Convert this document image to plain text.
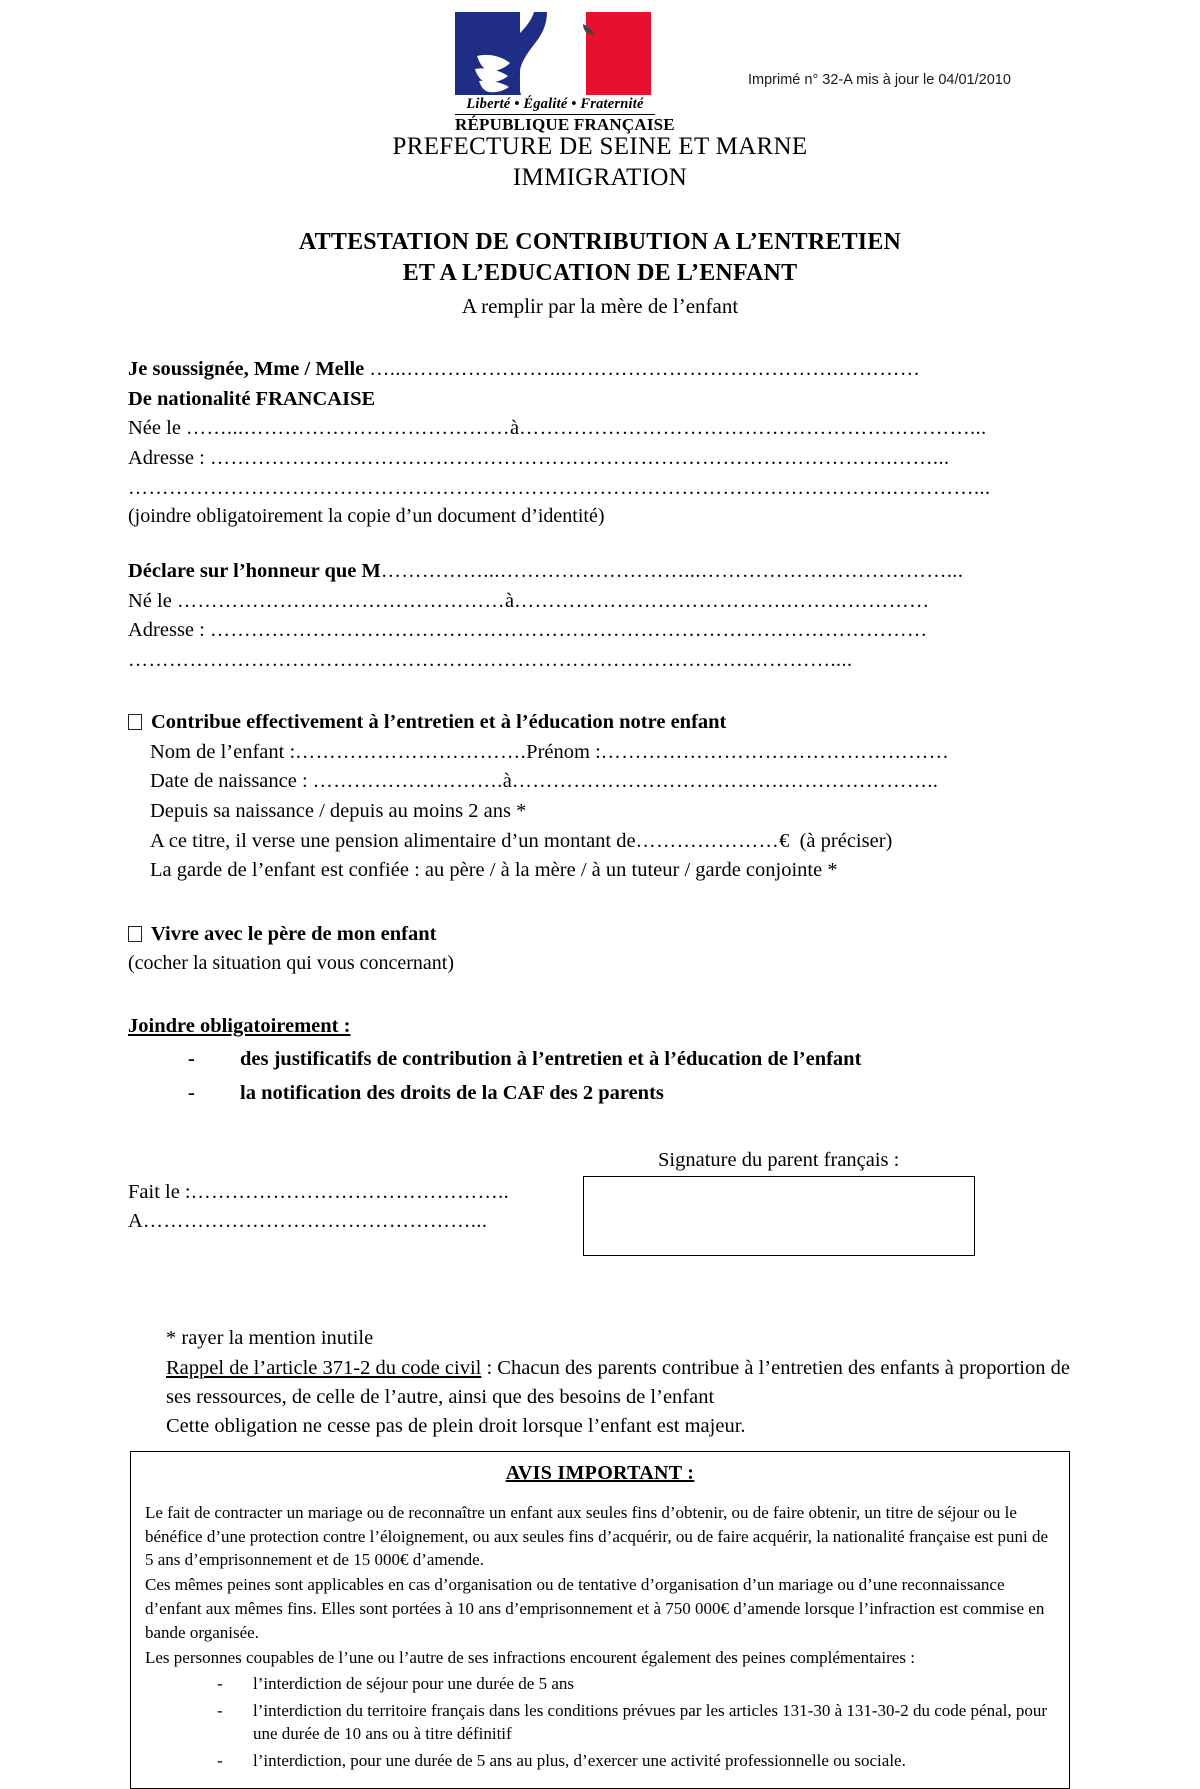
Liberté • Égalité • Fraternité
RÉPUBLIQUE FRANÇAISE
Imprimé n° 32-A mis à jour le 04/01/2010
PREFECTURE DE SEINE ET MARNE
IMMIGRATION
ATTESTATION DE CONTRIBUTION A L’ENTRETIEN
ET A L’EDUCATION DE L’ENFANT
A remplir par la mère de l’enfant
Je soussignée, Mme / Melle …...…………………...………………………………….…………
De nationalité FRANCAISE
Née le ……...…………………………………à…………………………………………………………...
Adresse : ……………………………………………………………………………………….……...
………………………………………………………………………………………………….…………...
(joindre obligatoirement la copie d’un document d’identité)
Déclare sur l’honneur que M……………...………………………...………………………………...
Né le …………………………………………à………………………………….…………………
Adresse : ……………………………………………………………………………………………
……………………………………………………………………………….…………....
Contribue effectivement à l’entretien et à l’éducation notre enfant
Nom de l’enfant :…………………………….Prénom :……………………………………………
Date de naissance : ……………………….à………………………………….…………………..
Depuis sa naissance / depuis au moins 2 ans *
A ce titre, il verse une pension alimentaire d’un montant de…………………€ (à préciser)
La garde de l’enfant est confiée : au père / à la mère / à un tuteur / garde conjointe *
Vivre avec le père de mon enfant
(cocher la situation qui vous concernant)
Joindre obligatoirement :
- des justificatifs de contribution à l’entretien et à l’éducation de l’enfant
- la notification des droits de la CAF des 2 parents
Signature du parent français :
Fait le :………………………………………..
A…………………………………………...
* rayer la mention inutile
Rappel de l’article 371-2 du code civil : Chacun des parents contribue à l’entretien des enfants à proportion de ses ressources, de celle de l’autre, ainsi que des besoins de l’enfant
Cette obligation ne cesse pas de plein droit lorsque l’enfant est majeur.
AVIS IMPORTANT :

Le fait de contracter un mariage ou de reconnaître un enfant aux seules fins d’obtenir, ou de faire obtenir, un titre de séjour ou le bénéfice d’une protection contre l’éloignement, ou aux seules fins d’acquérir, ou de faire acquérir, la nationalité française est puni de 5 ans d’emprisonnement et de 15 000€ d’amende.

Ces mêmes peines sont applicables en cas d’organisation ou de tentative d’organisation d’un mariage ou d’une reconnaissance d’enfant aux mêmes fins. Elles sont portées à 10 ans d’emprisonnement et à 750 000€ d’amende lorsque l’infraction est commise en bande organisée.

Les personnes coupables de l’une ou l’autre de ses infractions encourent également des peines complémentaires :

- l’interdiction de séjour pour une durée de 5 ans
- l’interdiction du territoire français dans les conditions prévues par les articles 131-30 à 131-30-2 du code pénal, pour une durée de 10 ans ou à titre définitif
- l’interdiction, pour une durée de 5 ans au plus, d’exercer une activité professionnelle ou sociale.
